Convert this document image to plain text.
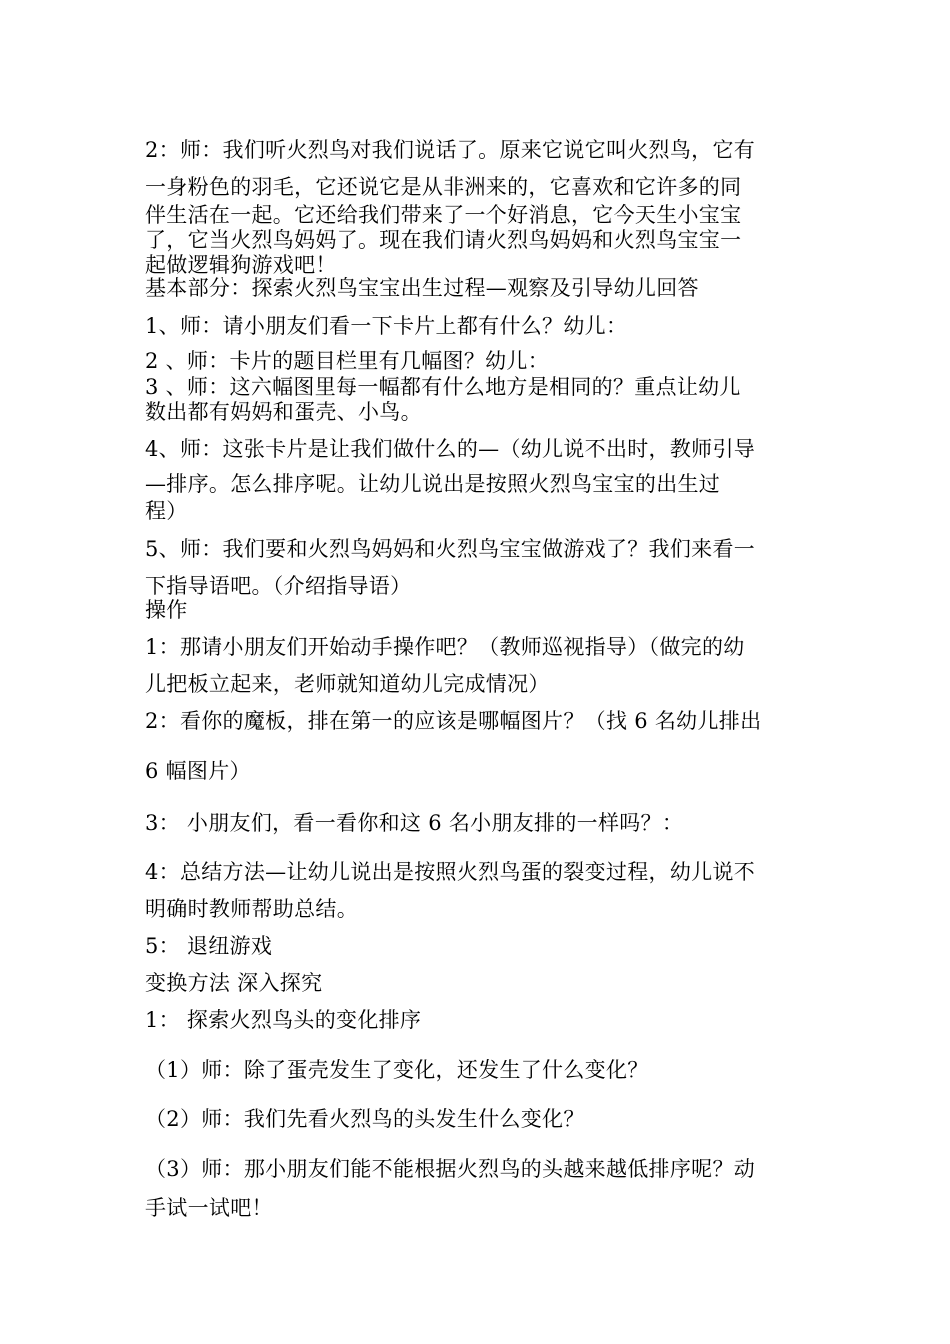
2：师：我们听火烈鸟对我们说话了。原来它说它叫火烈鸟，它有
一身粉色的羽毛，它还说它是从非洲来的，它喜欢和它许多的同
伴生活在一起。它还给我们带来了一个好消息，它今天生小宝宝
了，它当火烈鸟妈妈了。现在我们请火烈鸟妈妈和火烈鸟宝宝一
起做逻辑狗游戏吧！
基本部分：探索火烈鸟宝宝出生过程—观察及引导幼儿回答
1、师：请小朋友们看一下卡片上都有什么？幼儿：
2 、师：卡片的题目栏里有几幅图？幼儿：
3 、师：这六幅图里每一幅都有什么地方是相同的？重点让幼儿
数出都有妈妈和蛋壳、小鸟。
4、师：这张卡片是让我们做什么的—（幼儿说不出时，教师引导
—排序。怎么排序呢。让幼儿说出是按照火烈鸟宝宝的出生过
程）
5、师：我们要和火烈鸟妈妈和火烈鸟宝宝做游戏了？我们来看一
下指导语吧。（介绍指导语）
操作
1：那请小朋友们开始动手操作吧？（教师巡视指导）（做完的幼
儿把板立起来，老师就知道幼儿完成情况）
2：看你的魔板，排在第一的应该是哪幅图片？（找 6 名幼儿排出
6 幅图片）
3： 小朋友们，看一看你和这 6 名小朋友排的一样吗？：
4：总结方法—让幼儿说出是按照火烈鸟蛋的裂变过程，幼儿说不
明确时教师帮助总结。
5： 退纽游戏
变换方法 深入探究
1： 探索火烈鸟头的变化排序
（1）师：除了蛋壳发生了变化，还发生了什么变化？
（2）师：我们先看火烈鸟的头发生什么变化？
（3）师：那小朋友们能不能根据火烈鸟的头越来越低排序呢？动
手试一试吧！
